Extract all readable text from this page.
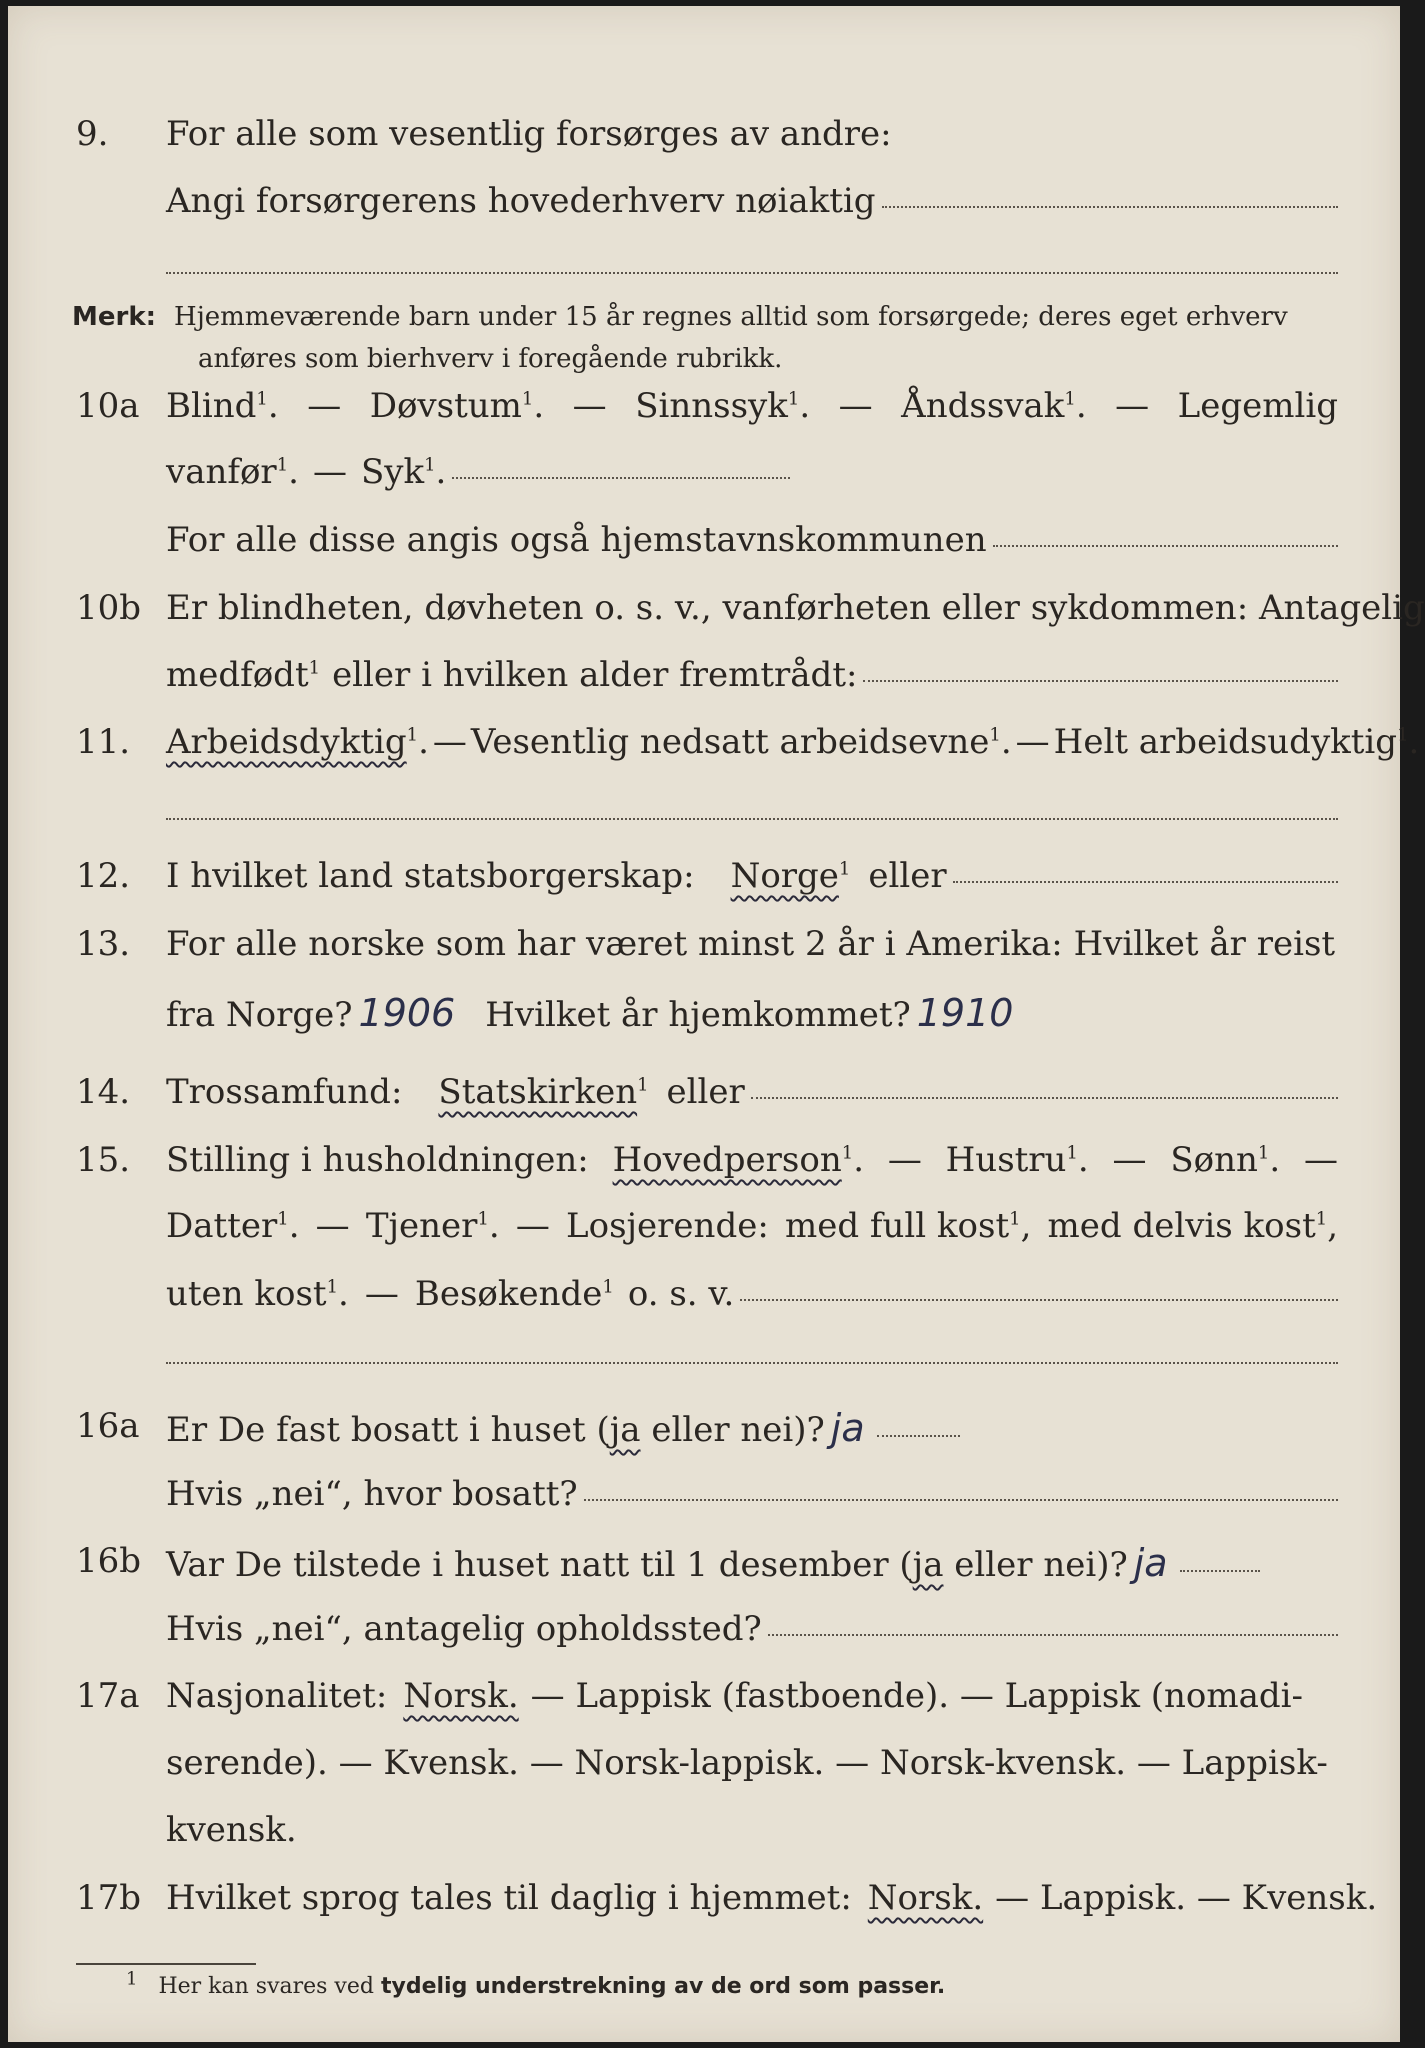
9.	For alle som vesentlig forsørges av andre:
Angi forsørgerens hovederhverv nøiaktig
Merk: Hjemmeværende barn under 15 år regnes alltid som forsørgede; deres eget erhverv
anføres som bierhverv i foregående rubrikk.
10a Blind$^1$. — Døvstum$^1$. — Sinnssyk$^1$. — Åndssvak$^1$. — Legemlig
vanfør$^1$. — Syk$^1$.
For alle disse angis også hjemstavnskommunen
10b Er blindheten, døvheten o. s. v., vanførheten eller sykdommen: Antagelig
medfødt$^1$ eller i hvilken alder fremtrådt:
11.	Arbeidsdyktig$^1$. — Vesentlig nedsatt arbeidsevne$^1$. — Helt arbeidsudyktig$^1$.
12.	I hvilket land statsborgerskap: Norge$^1$ eller
13.	For alle norske som har været minst 2 år i Amerika: Hvilket år reist
fra Norge? 1906 Hvilket år hjemkommet? 1910
14.	Trossamfund: Statskirken$^1$ eller
15.	Stilling i husholdningen: Hovedperson$^1$. — Hustru$^1$. — Sønn$^1$. —
Datter$^1$. — Tjener$^1$. — Losjerende: med full kost$^1$, med delvis kost$^1$,
uten kost$^1$. — Besøkende$^1$ o. s. v.
16a Er De fast bosatt i huset (ja eller nei)? ja
Hvis „nei“, hvor bosatt?
16b Var De tilstede i huset natt til 1 desember (ja eller nei)? ja
Hvis „nei“, antagelig opholdssted?
17a Nasjonalitet: Norsk. — Lappisk (fastboende). — Lappisk (nomadi-
serende). — Kvensk. — Norsk-lappisk. — Norsk-kvensk. — Lappisk-
kvensk.
17b Hvilket sprog tales til daglig i hjemmet: Norsk. — Lappisk. — Kvensk.
$^1$ Her kan svares ved tydelig understrekning av de ord som passer.
